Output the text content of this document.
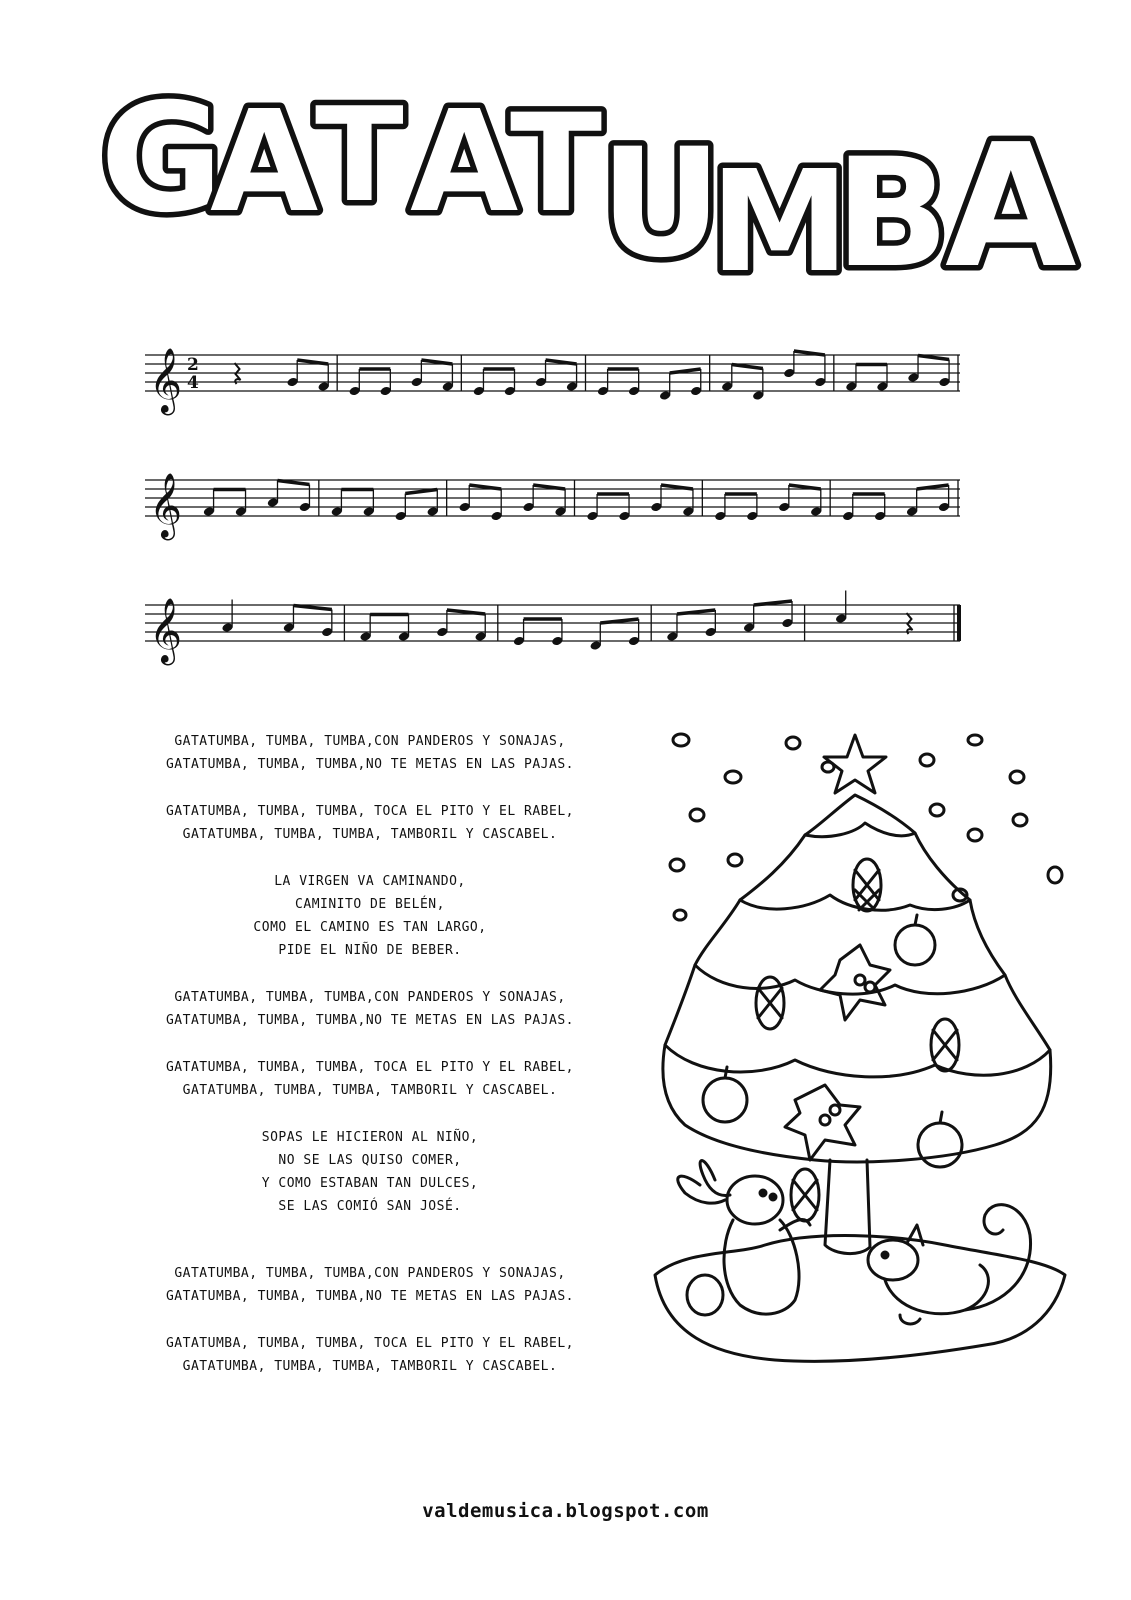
G
A
T A
T
U
M
B
A
𝄞 2
4
𝄞
𝄞
GATATUMBA, TUMBA, TUMBA,CON PANDEROS Y SONAJAS,
GATATUMBA, TUMBA, TUMBA,NO TE METAS EN LAS PAJAS.
GATATUMBA, TUMBA, TUMBA, TOCA EL PITO Y EL RABEL,
GATATUMBA, TUMBA, TUMBA, TAMBORIL Y CASCABEL.
LA VIRGEN VA CAMINANDO,
CAMINITO DE BELÉN,
COMO EL CAMINO ES TAN LARGO,
PIDE EL NIÑO DE BEBER.
GATATUMBA, TUMBA, TUMBA,CON PANDEROS Y SONAJAS,
GATATUMBA, TUMBA, TUMBA,NO TE METAS EN LAS PAJAS.
GATATUMBA, TUMBA, TUMBA, TOCA EL PITO Y EL RABEL,
GATATUMBA, TUMBA, TUMBA, TAMBORIL Y CASCABEL.
SOPAS LE HICIERON AL NIÑO,
NO SE LAS QUISO COMER,
Y COMO ESTABAN TAN DULCES,
SE LAS COMIÓ SAN JOSÉ.
GATATUMBA, TUMBA, TUMBA,CON PANDEROS Y SONAJAS,
GATATUMBA, TUMBA, TUMBA,NO TE METAS EN LAS PAJAS.
GATATUMBA, TUMBA, TUMBA, TOCA EL PITO Y EL RABEL,
GATATUMBA, TUMBA, TUMBA, TAMBORIL Y CASCABEL.
valdemusica.blogspot.com
